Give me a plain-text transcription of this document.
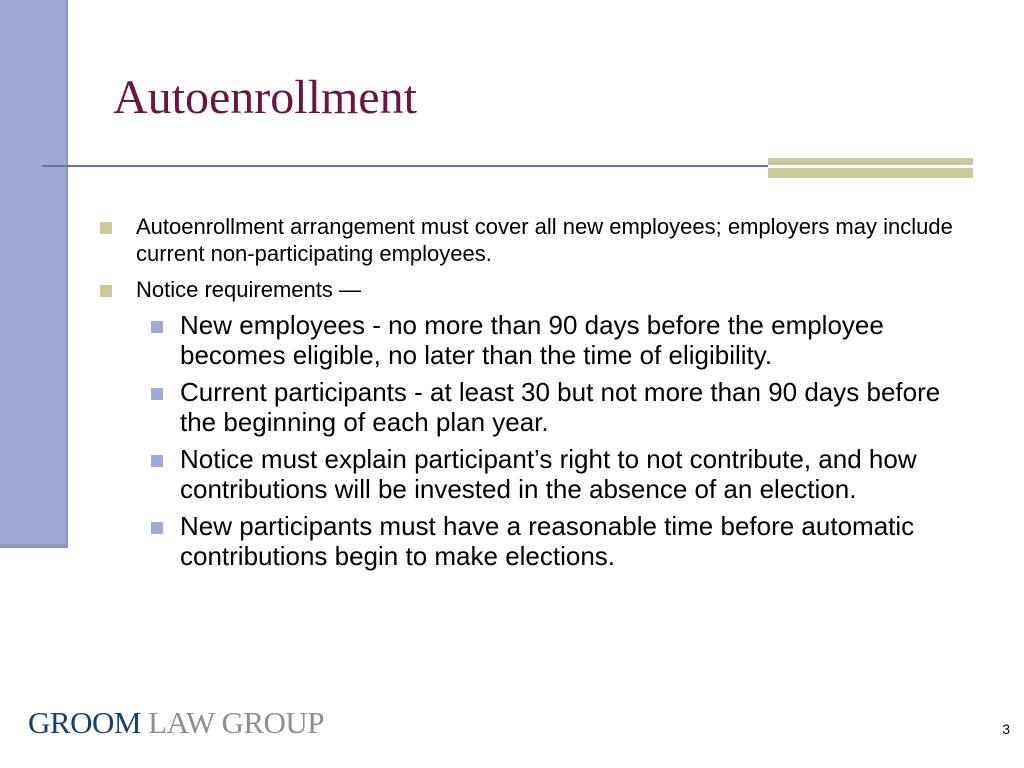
Autoenrollment
Autoenrollment arrangement must cover all new employees; employers may include current non-participating employees.
Notice requirements —
New employees - no more than 90 days before the employee becomes eligible, no later than the time of eligibility.
Current participants - at least 30 but not more than 90 days before the beginning of each plan year.
Notice must explain participant’s right to not contribute, and how contributions will be invested in the absence of an election.
New participants must have a reasonable time before automatic contributions begin to make elections.
GROOM LAW GROUP	3
